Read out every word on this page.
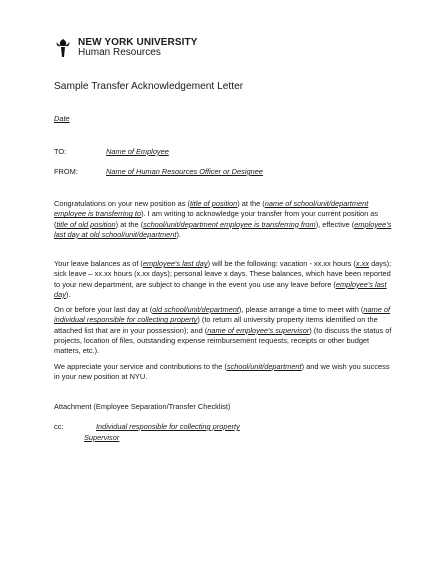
NEW YORK UNIVERSITY
Human Resources
Sample Transfer Acknowledgement Letter
Date
TO:	Name of Employee
FROM:	Name of Human Resources Officer or Designee
Congratulations on your new position as (title of position) at the (name of school/unit/department employee is transferring to). I am writing to acknowledge your transfer from your current position as (title of old position) at the (school/unit/department employee is transferring from), effective (employee's last day at old school/unit/department).
Your leave balances as of (employee's last day) will be the following: vacation - xx.xx hours (x.xx days); sick leave – xx.xx hours (x.xx days); personal leave x days. These balances, which have been reported to your new department, are subject to change in the event you use any leave before (employee's last day).
On or before your last day at (old school/unit/department), please arrange a time to meet with (name of individual responsible for collecting property) (to return all university property items identified on the attached list that are in your possession); and (name of employee's supervisor) (to discuss the status of projects, location of files, outstanding expense reimbursement requests, receipts or other budget matters, etc.).
We appreciate your service and contributions to the (school/unit/department) and we wish you success in your new position at NYU.
Attachment (Employee Separation/Transfer Checklist)
cc:	Individual responsible for collecting property
Supervisor
